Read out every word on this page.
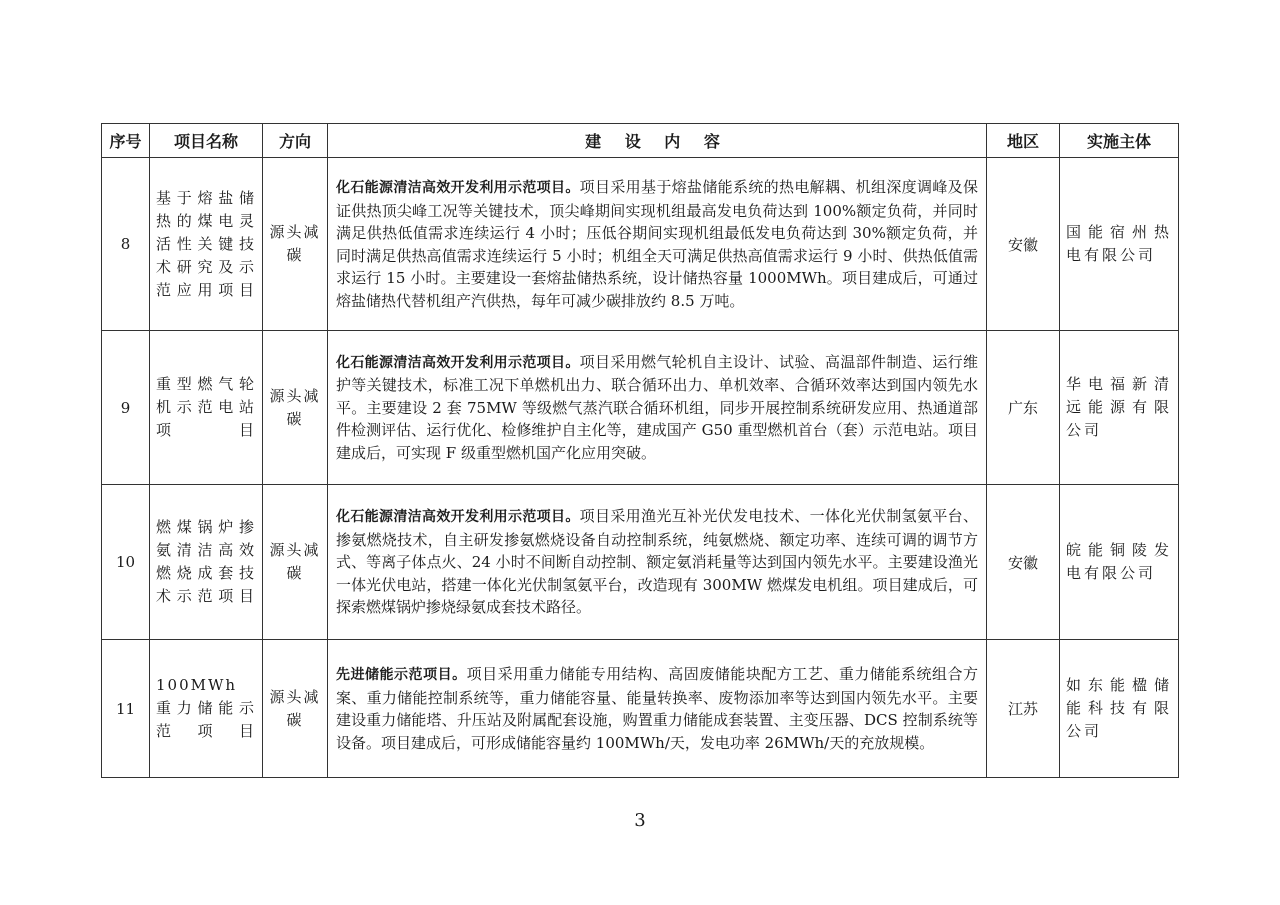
序号	项目名称	方向	建 设 内 容	地区	实施主体
8	基于熔盐储热的煤电灵活性关键技术研究及示范应用项目	源头减碳	化石能源清洁高效开发利用示范项目。项目采用基于熔盐储能系统的热电解耦、机组深度调峰及保证供热顶尖峰工况等关键技术，顶尖峰期间实现机组最高发电负荷达到 100%额定负荷，并同时满足供热低值需求连续运行 4 小时；压低谷期间实现机组最低发电负荷达到 30%额定负荷，并同时满足供热高值需求连续运行 5 小时；机组全天可满足供热高值需求运行 9 小时、供热低值需求运行 15 小时。主要建设一套熔盐储热系统，设计储热容量 1000MWh。项目建成后，可通过熔盐储热代替机组产汽供热，每年可减少碳排放约 8.5 万吨。	安徽	国能宿州热电有限公司
9	重型燃气轮机示范电站项目	源头减碳	化石能源清洁高效开发利用示范项目。项目采用燃气轮机自主设计、试验、高温部件制造、运行维护等关键技术，标准工况下单燃机出力、联合循环出力、单机效率、合循环效率达到国内领先水平。主要建设 2 套 75MW 等级燃气蒸汽联合循环机组，同步开展控制系统研发应用、热通道部件检测评估、运行优化、检修维护自主化等，建成国产 G50 重型燃机首台（套）示范电站。项目建成后，可实现 F 级重型燃机国产化应用突破。	广东	华电福新清远能源有限公司
10	燃煤锅炉掺氨清洁高效燃烧成套技术示范项目	源头减碳	化石能源清洁高效开发利用示范项目。项目采用渔光互补光伏发电技术、一体化光伏制氢氨平台、掺氨燃烧技术，自主研发掺氨燃烧设备自动控制系统，纯氨燃烧、额定功率、连续可调的调节方式、等离子体点火、24 小时不间断自动控制、额定氨消耗量等达到国内领先水平。主要建设渔光一体光伏电站，搭建一体化光伏制氢氨平台，改造现有 300MW 燃煤发电机组。项目建成后，可探索燃煤锅炉掺烧绿氨成套技术路径。	安徽	皖能铜陵发电有限公司
11	100MWh 重力储能示范项目	源头减碳	先进储能示范项目。项目采用重力储能专用结构、高固废储能块配方工艺、重力储能系统组合方案、重力储能控制系统等，重力储能容量、能量转换率、废物添加率等达到国内领先水平。主要建设重力储能塔、升压站及附属配套设施，购置重力储能成套装置、主变压器、DCS 控制系统等设备。项目建成后，可形成储能容量约 100MWh/天，发电功率 26MWh/天的充放规模。	江苏	如东能楹储能科技有限公司
3
